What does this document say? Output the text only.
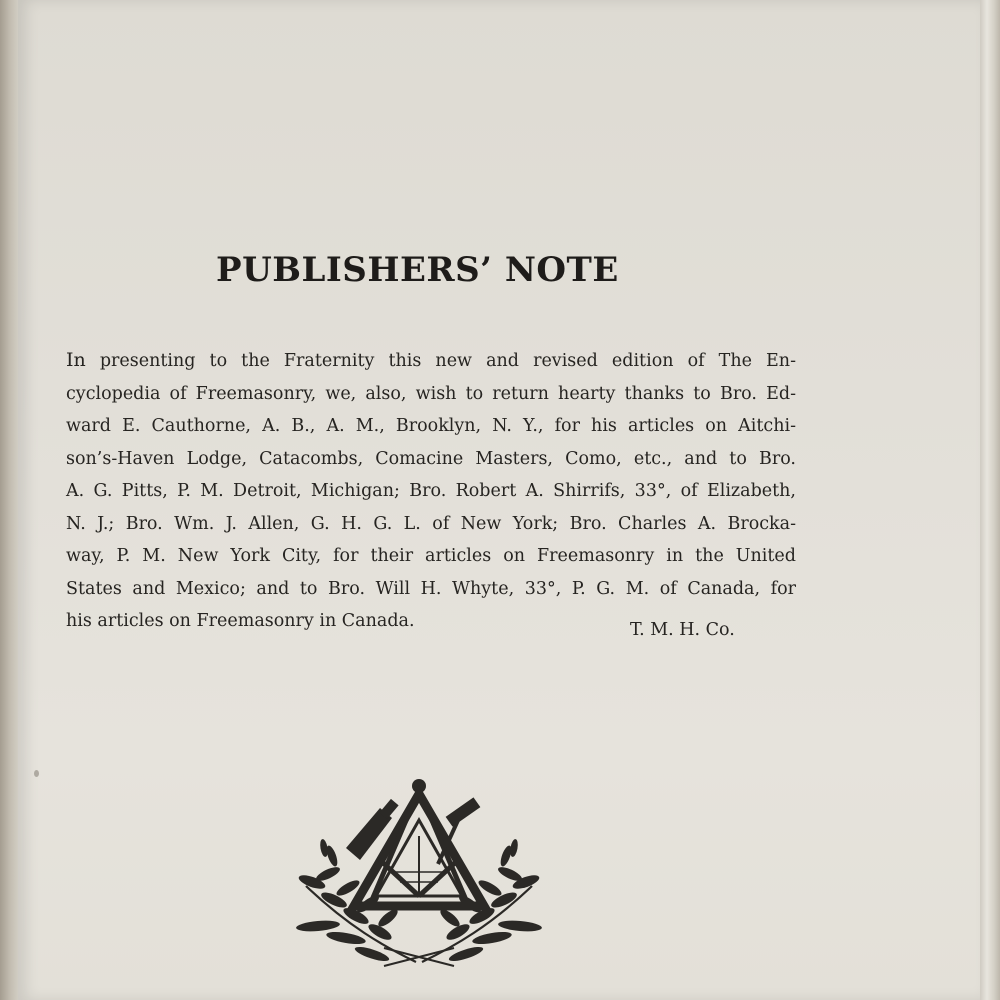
PUBLISHERS’ NOTE
In presenting to the Fraternity this new and revised edition of The En-
cyclopedia of Freemasonry, we, also, wish to return hearty thanks to Bro. Ed-
ward E. Cauthorne, A. B., A. M., Brooklyn, N. Y., for his articles on Aitchi-
son’s-Haven Lodge, Catacombs, Comacine Masters, Como, etc., and to Bro.
A. G. Pitts, P. M. Detroit, Michigan; Bro. Robert A. Shirrifs, 33°, of Elizabeth,
N. J.; Bro. Wm. J. Allen, G. H. G. L. of New York; Bro. Charles A. Brocka-
way, P. M. New York City, for their articles on Freemasonry in the United
States and Mexico; and to Bro. Will H. Whyte, 33°, P. G. M. of Canada, for
his articles on Freemasonry in Canada.	T. M. H. Co.
